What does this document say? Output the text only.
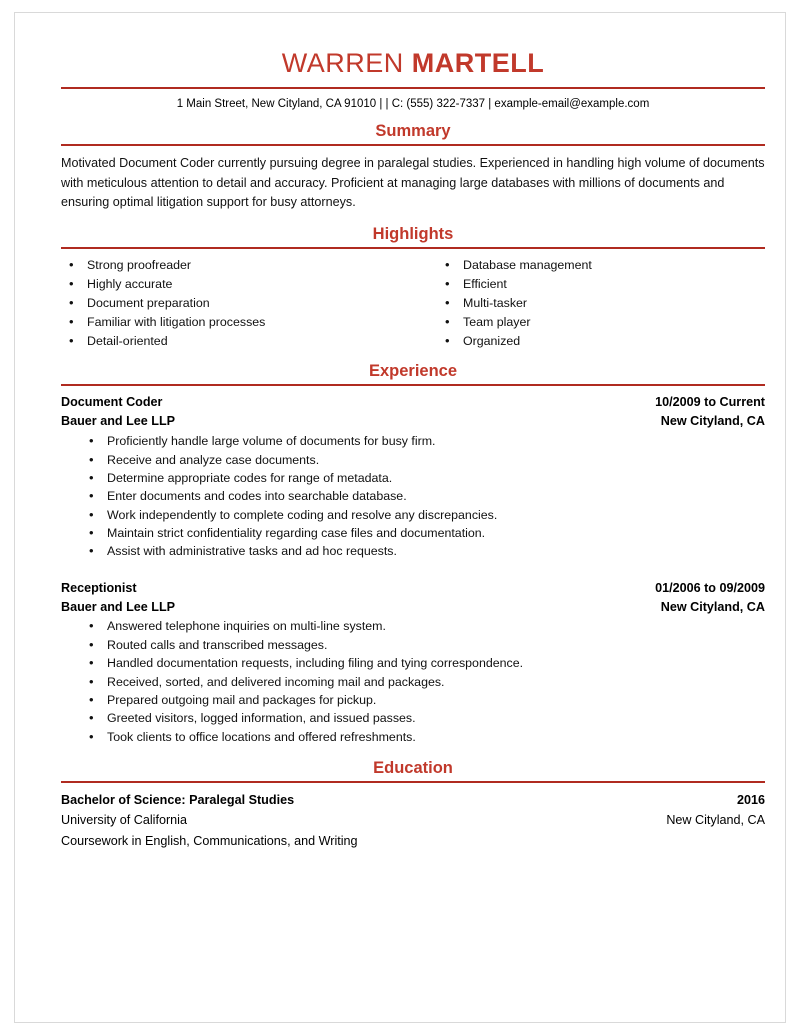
WARREN MARTELL
1 Main Street, New Cityland, CA 91010 | | C: (555) 322-7337 | example-email@example.com
Summary
Motivated Document Coder currently pursuing degree in paralegal studies. Experienced in handling high volume of documents with meticulous attention to detail and accuracy. Proficient at managing large databases with millions of documents and ensuring optimal litigation support for busy attorneys.
Highlights
• Strong proofreader
• Highly accurate
• Document preparation
• Familiar with litigation processes
• Detail-oriented
• Database management
• Efficient
• Multi-tasker
• Team player
• Organized
Experience
Document Coder	10/2009 to Current
Bauer and Lee LLP	New Cityland, CA
• Proficiently handle large volume of documents for busy firm.
• Receive and analyze case documents.
• Determine appropriate codes for range of metadata.
• Enter documents and codes into searchable database.
• Work independently to complete coding and resolve any discrepancies.
• Maintain strict confidentiality regarding case files and documentation.
• Assist with administrative tasks and ad hoc requests.
Receptionist	01/2006 to 09/2009
Bauer and Lee LLP	New Cityland, CA
• Answered telephone inquiries on multi-line system.
• Routed calls and transcribed messages.
• Handled documentation requests, including filing and tying correspondence.
• Received, sorted, and delivered incoming mail and packages.
• Prepared outgoing mail and packages for pickup.
• Greeted visitors, logged information, and issued passes.
• Took clients to office locations and offered refreshments.
Education
Bachelor of Science: Paralegal Studies	2016
University of California	New Cityland, CA
Coursework in English, Communications, and Writing
